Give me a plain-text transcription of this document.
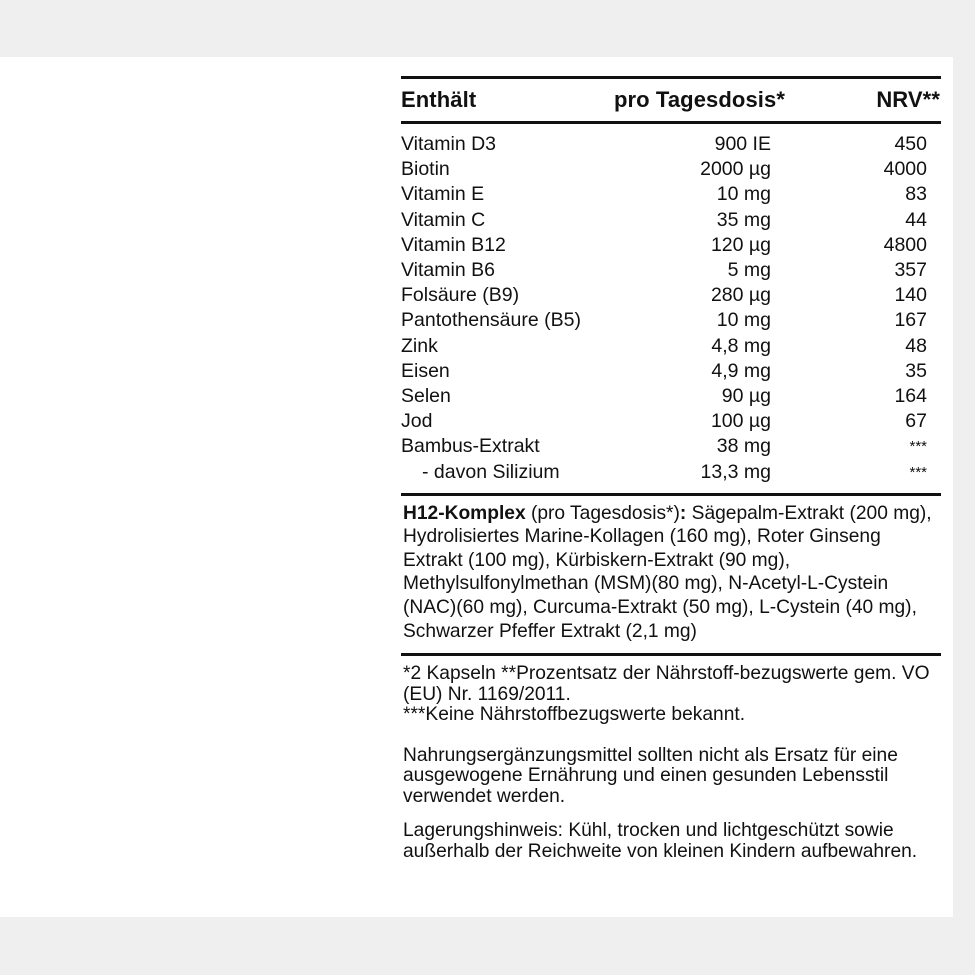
Enthält	pro Tagesdosis*	NRV**
Vitamin D3	900 IE	450
Biotin	2000 µg	4000
Vitamin E	10 mg	83
Vitamin C	35 mg	44
Vitamin B12	120 µg	4800
Vitamin B6	5 mg	357
Folsäure (B9)	280 µg	140
Pantothensäure (B5)	10 mg	167
Zink	4,8 mg	48
Eisen	4,9 mg	35
Selen	90 µg	164
Jod	100 µg	67
Bambus-Extrakt	38 mg	***
- davon Silizium	13,3 mg	***
H12-Komplex (pro Tagesdosis*): Sägepalm-Extrakt (200 mg), Hydrolisiertes Marine-Kollagen (160 mg), Roter Ginseng Extrakt (100 mg), Kürbiskern-Extrakt (90 mg), Methylsulfonylmethan (MSM)(80 mg), N-Acetyl-L-Cystein (NAC)(60 mg), Curcuma-Extrakt (50 mg), L-Cystein (40 mg), Schwarzer Pfeffer Extrakt (2,1 mg)

*2 Kapseln **Prozentsatz der Nährstoff-bezugswerte gem. VO (EU) Nr. 1169/2011.

***Keine Nährstoffbezugswerte bekannt.

Nahrungsergänzungsmittel sollten nicht als Ersatz für eine ausgewogene Ernährung und einen gesunden Lebensstil verwendet werden.

Lagerungshinweis: Kühl, trocken und lichtgeschützt sowie außerhalb der Reichweite von kleinen Kindern aufbewahren.
